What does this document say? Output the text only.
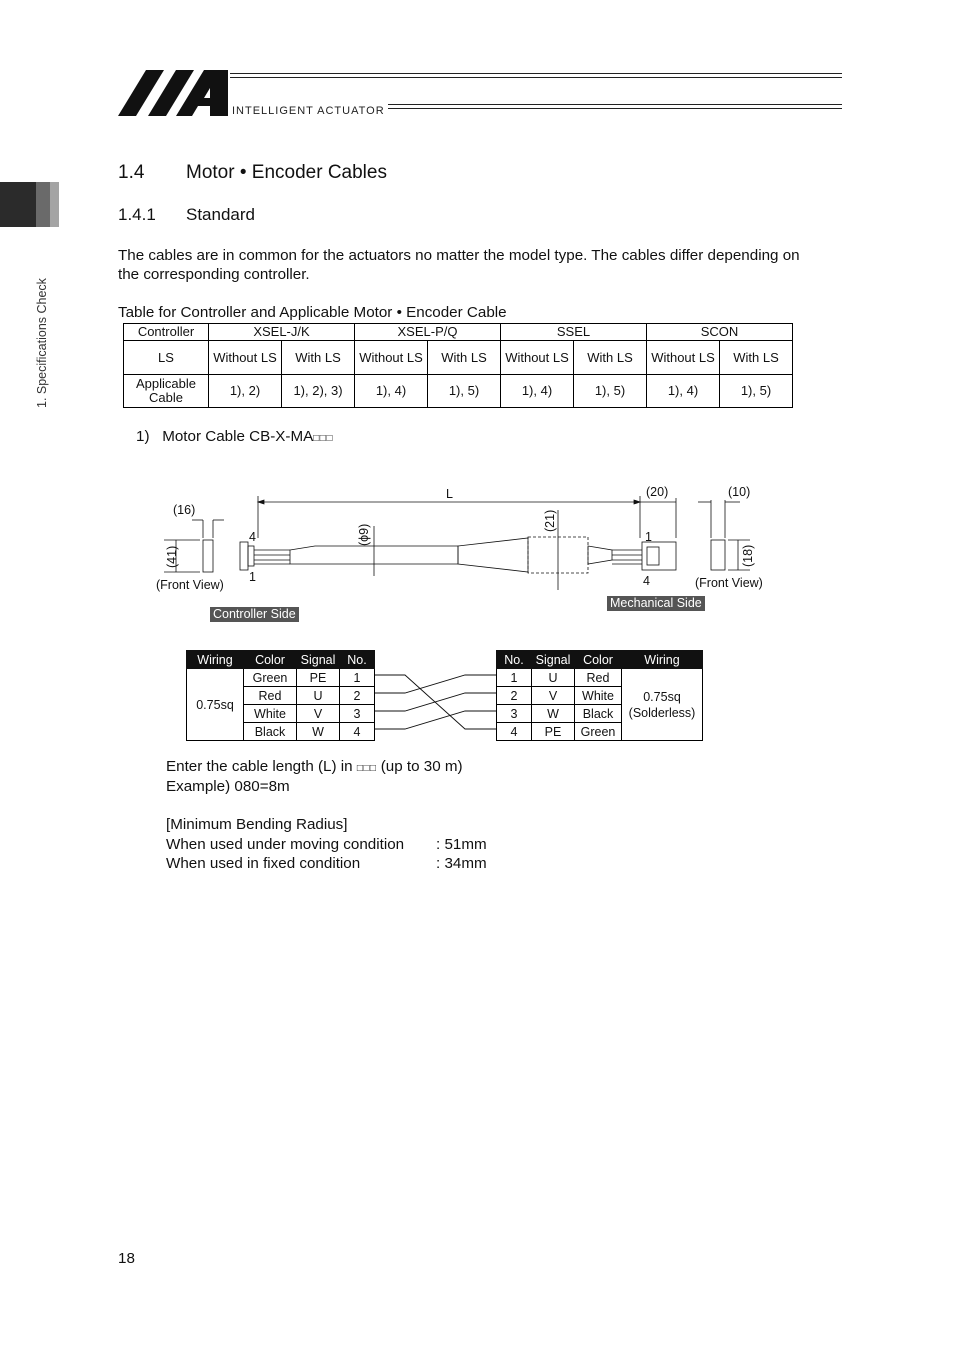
INTELLIGENT ACTUATOR
1. Specifications Check
1.4 Motor • Encoder Cables
1.4.1 Standard
The cables are in common for the actuators no matter the model type. The cables differ depending on the corresponding controller.
Table for Controller and Applicable Motor • Encoder Cable
Controller	XSEL-J/K		XSEL-P/Q		SSEL		SCON	
LS	Without LS	With LS	Without LS	With LS	Without LS	With LS	Without LS	With LS
Applicable Cable	1), 2)	1), 2), 3)	1), 4)	1), 5)	1), 4)	1), 5)	1), 4)	1), 5)
1) Motor Cable CB-X-MA□□□
(16)
(41)
(ϕ9)
L
(21)
(20)	(10)
(18)
4
1
1
4
(Front View)	(Front View)
Controller Side
Mechanical Side
Wiring	Color	Signal	No.
0.75sq	Green	PE	1
	Red	U	2
	White	V	3
	Black	W	4
No.	Signal	Color	Wiring
1	U	Red	0.75sq
(Solderless)

2	V	White	
3	W	Black	
4	PE	Green	
Enter the cable length (L) in □□□ (up to 30 m)
Example) 080=8m
[Minimum Bending Radius]
When used under moving condition : 51mm
When used in fixed condition	: 34mm
18
